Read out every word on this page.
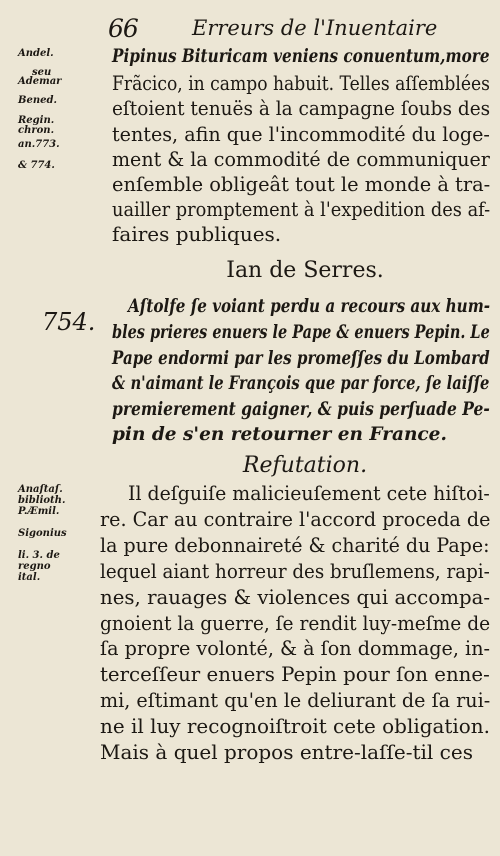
66	Erreurs de l'Inuentaire
Andel.
seu
Ademar
Bened.
Regin.
chron.
an.773.
& 774.
Pipinus Bituricam veniens conuentum,more
Frãcico, in campo habuit. Telles aſſemblées
eſtoient tenuës à la campagne ſoubs des
tentes, afin que l'incommodité du loge-
ment & la commodité de communiquer
enſemble obligeât tout le monde à tra-
uailler promptement à l'expedition des af-
faires publiques.
Ian de Serres.
754.
Aſtolfe ſe voiant perdu a recours aux hum-
bles prieres enuers le Pape & enuers Pepin. Le
Pape endormi par les promeſſes du Lombard
& n'aimant le François que par force, ſe laiſſe
premierement gaigner, & puis perſuade Pe-
pin de s'en retourner en France.
Refutation.
Anaſtaſ.
biblioth.
P.Æmil.
Sigonius
li. 3. de
regno
ital.
Il deſguiſe malicieuſement cete hiſtoi-
re. Car au contraire l'accord proceda de
la pure debonnaireté & charité du Pape:
lequel aiant horreur des bruſlemens, rapi-
nes, rauages & violences qui accompa-
gnoient la guerre, ſe rendit luy-meſme de
ſa propre volonté, & à ſon dommage, in-
terceſſeur enuers Pepin pour ſon enne-
mi, eſtimant qu'en le deliurant de ſa rui-
ne il luy recognoiſtroit cete obligation.
Mais à quel propos entre-laſſe-til ces
